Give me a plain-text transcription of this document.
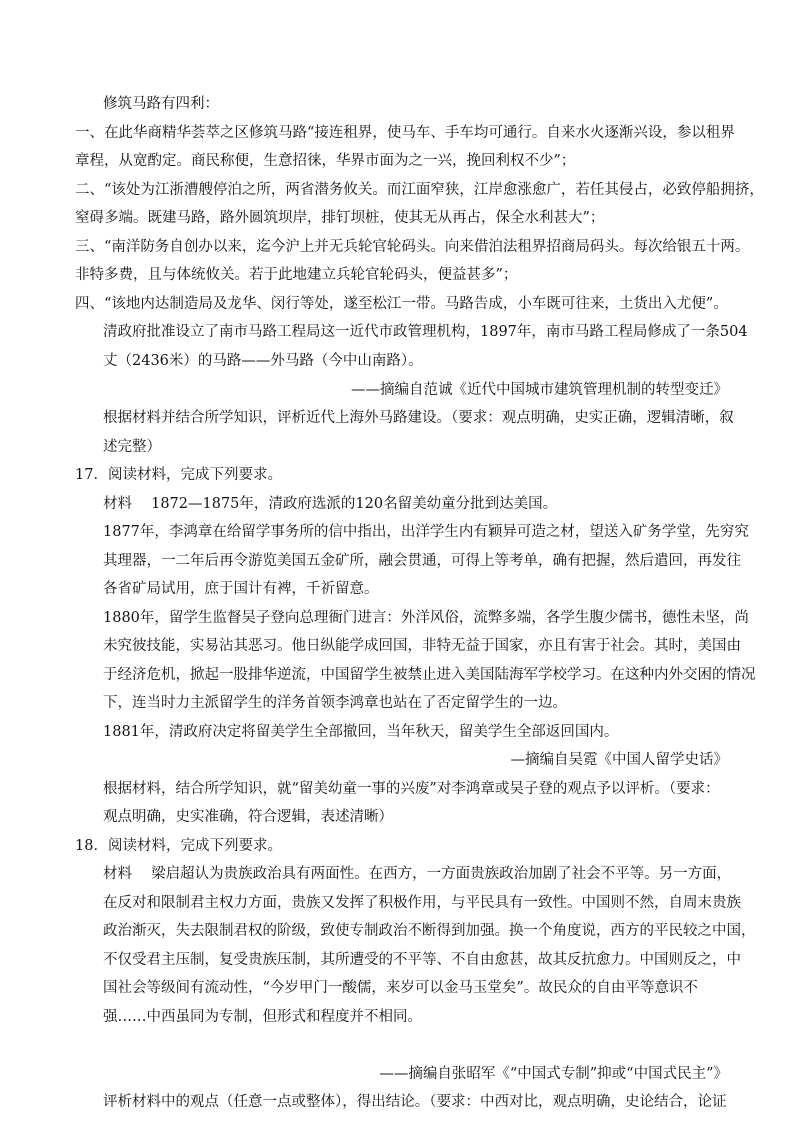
修筑马路有四利：
一、在此华商精华荟萃之区修筑马路“接连租界，使马车、手车均可通行。自来水火逐渐兴设，参以租界
章程，从宽酌定。商民称便，生意招徕，华界市面为之一兴，挽回利权不少”；
二、“该处为江浙漕艘停泊之所，两省潜务攸关。而江面窄狭，江岸愈涨愈广，若任其侵占，必致停船拥挤，
窒碍多端。既建马路，路外圆筑坝岸，排钉坝桩，使其无从再占，保全水利甚大”；
三、“南洋防务自创办以来，迄今沪上并无兵轮官轮码头。向来借泊法租界招商局码头。每次给银五十两。
非特多费，且与体统攸关。若于此地建立兵轮官轮码头，便益甚多”；
四、“该地内达制造局及龙华、闵行等处，遂至松江一带。马路告成，小车既可往来，土货出入尤便”。
清政府批准设立了南市马路工程局这一近代市政管理机构，1897年，南市马路工程局修成了一条504
丈（2436米）的马路——外马路（今中山南路）。
——摘编自范诚《近代中国城市建筑管理机制的转型变迁》
根据材料并结合所学知识，评析近代上海外马路建设。（要求：观点明确，史实正确，逻辑清晰，叙
述完整）
17．阅读材料，完成下列要求。
材料　 1872—1875年，清政府选派的120名留美幼童分批到达美国。
1877年，李鸿章在给留学事务所的信中指出，出洋学生内有颖异可造之材，望送入矿务学堂，先穷究
其理器，一二年后再令游览美国五金矿所，融会贯通，可得上等考单，确有把握，然后遣回，再发往
各省矿局试用，庶于国计有裨，千祈留意。
1880年，留学生监督吴子登向总理衙门进言：外洋风俗，流弊多端，各学生腹少儒书，德性未坚，尚
未究彼技能，实易沾其恶习。他日纵能学成回国，非特无益于国家，亦且有害于社会。其时，美国由
于经济危机，掀起一股排华逆流，中国留学生被禁止进入美国陆海军学校学习。在这种内外交困的情况
下，连当时力主派留学生的洋务首领李鸿章也站在了否定留学生的一边。
1881年，清政府决定将留美学生全部撤回，当年秋天，留美学生全部返回国内。
—摘编自吴霓《中国人留学史话》
根据材料，结合所学知识，就“留美幼童一事的兴废”对李鸿章或吴子登的观点予以评析。（要求：
观点明确，史实准确，符合逻辑，表述清晰）
18．阅读材料，完成下列要求。
材料　 梁启超认为贵族政治具有两面性。在西方，一方面贵族政治加剧了社会不平等。另一方面，
在反对和限制君主权力方面，贵族又发挥了积极作用，与平民具有一致性。中国则不然，自周末贵族
政治渐灭，失去限制君权的阶级，致使专制政治不断得到加强。换一个角度说，西方的平民较之中国，
不仅受君主压制，复受贵族压制，其所遭受的不平等、不自由愈甚，故其反抗愈力。中国则反之，中
国社会等级间有流动性，“今岁甲门一酸儒，来岁可以金马玉堂矣”。故民众的自由平等意识不
强……中西虽同为专制，但形式和程度并不相同。
——摘编自张昭军《“中国式专制”抑或“中国式民主”》
评析材料中的观点（任意一点或整体），得出结论。（要求：中西对比，观点明确，史论结合，论证
